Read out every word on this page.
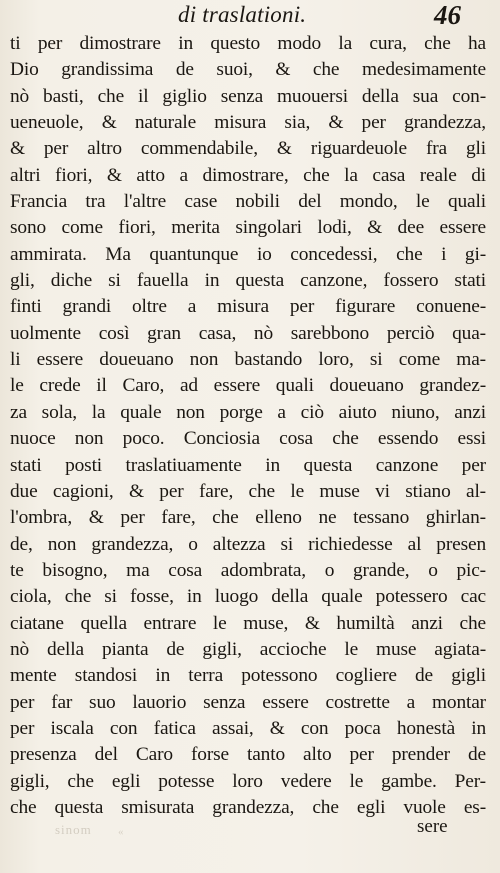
di traslationi.	46
ti per dimostrare in questo modo la cura, che ha
Dio grandissima de suoi, & che medesimamente
nò basti, che il giglio senza muouersi della sua con-
ueneuole, & naturale misura sia, & per grandezza,
& per altro commendabile, & riguardeuole fra gli
altri fiori, & atto a dimostrare, che la casa reale di
Francia tra l'altre case nobili del mondo, le quali
sono come fiori, merita singolari lodi, & dee essere
ammirata. Ma quantunque io concedessi, che i gi-
gli, diche si fauella in questa canzone, fossero stati
finti grandi oltre a misura per figurare conuene-
uolmente così gran casa, nò sarebbono perciò qua-
li essere doueuano non bastando loro, si come ma-
le crede il Caro, ad essere quali doueuano grandez-
za sola, la quale non porge a ciò aiuto niuno, anzi
nuoce non poco. Conciosia cosa che essendo essi
stati posti traslatiuamente in questa canzone per
due cagioni, & per fare, che le muse vi stiano al-
l'ombra, & per fare, che elleno ne tessano ghirlan-
de, non grandezza, o altezza si richiedesse al presen
te bisogno, ma cosa adombrata, o grande, o pic-
ciola, che si fosse, in luogo della quale potessero cac
ciatane quella entrare le muse, & humiltà anzi che
nò della pianta de gigli, accioche le muse agiata-
mente standosi in terra potessono cogliere de gigli
per far suo lauorio senza essere costrette a montar
per iscala con fatica assai, & con poca honestà in
presenza del Caro forse tanto alto per prender de
gigli, che egli potesse loro vedere le gambe. Per-
che questa smisurata grandezza, che egli vuole es-
sinom «	sere
